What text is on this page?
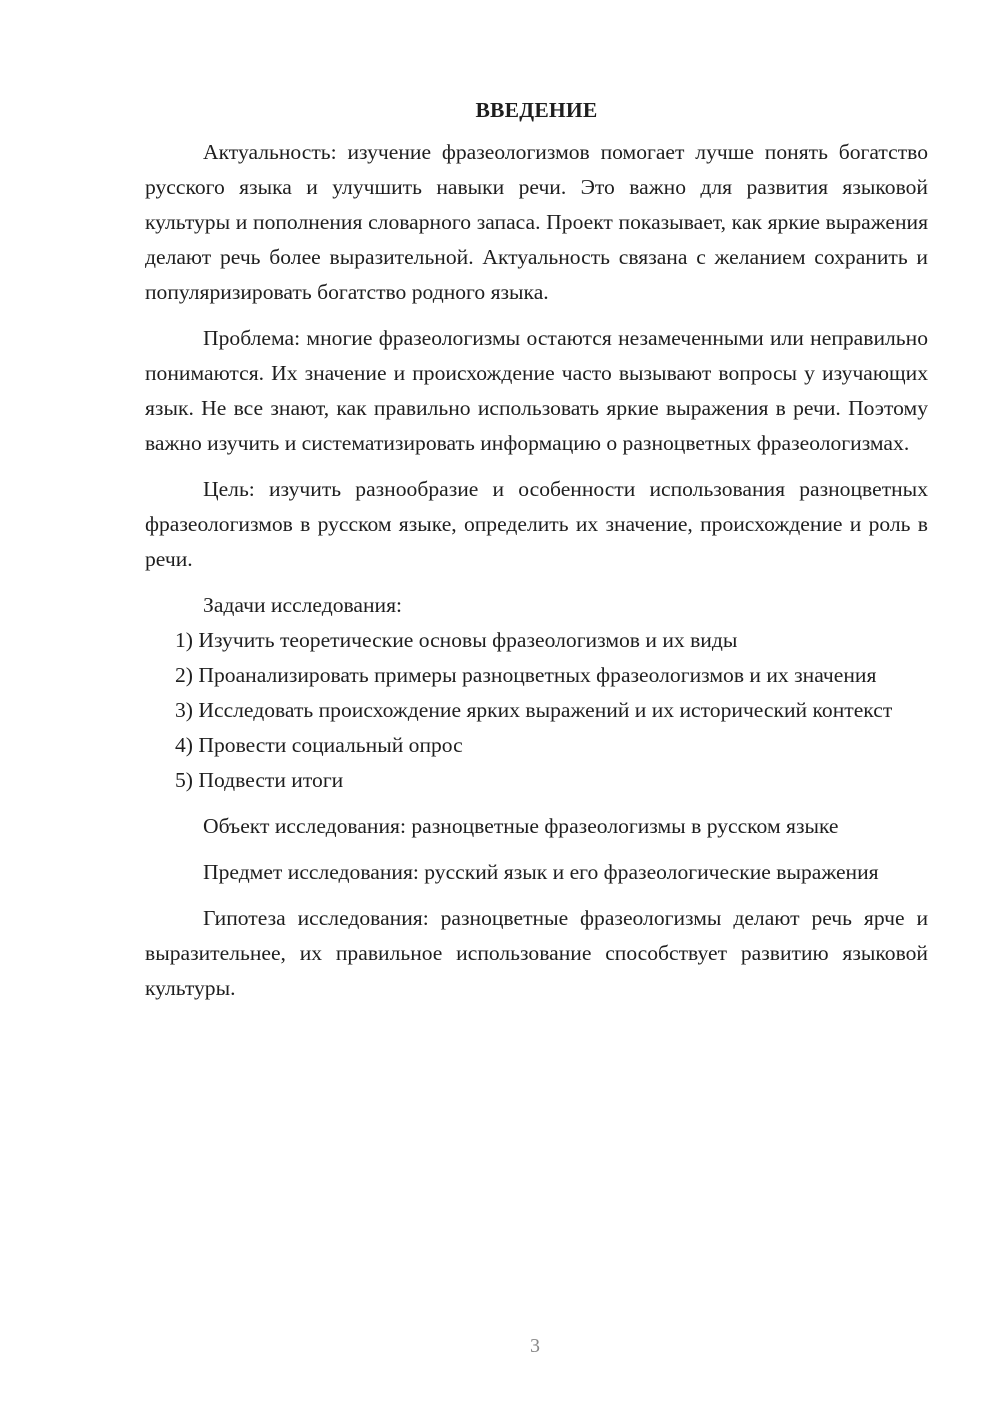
ВВЕДЕНИЕ

Актуальность: изучение фразеологизмов помогает лучше понять богатство русского языка и улучшить навыки речи. Это важно для развития языковой культуры и пополнения словарного запаса. Проект показывает, как яркие выражения делают речь более выразительной. Актуальность связана с желанием сохранить и популяризировать богатство родного языка.

Проблема: многие фразеологизмы остаются незамеченными или неправильно понимаются. Их значение и происхождение часто вызывают вопросы у изучающих язык. Не все знают, как правильно использовать яркие выражения в речи. Поэтому важно изучить и систематизировать информацию о разноцветных фразеологизмах.

Цель: изучить разнообразие и особенности использования разноцветных фразеологизмов в русском языке, определить их значение, происхождение и роль в речи.

Задачи исследования:

1) Изучить теоретические основы фразеологизмов и их виды

2) Проанализировать примеры разноцветных фразеологизмов и их значения

3) Исследовать происхождение ярких выражений и их исторический контекст

4) Провести социальный опрос

5) Подвести итоги

Объект исследования: разноцветные фразеологизмы в русском языке

Предмет исследования: русский язык и его фразеологические выражения

Гипотеза исследования: разноцветные фразеологизмы делают речь ярче и выразительнее, их правильное использование способствует развитию языковой культуры.

3
